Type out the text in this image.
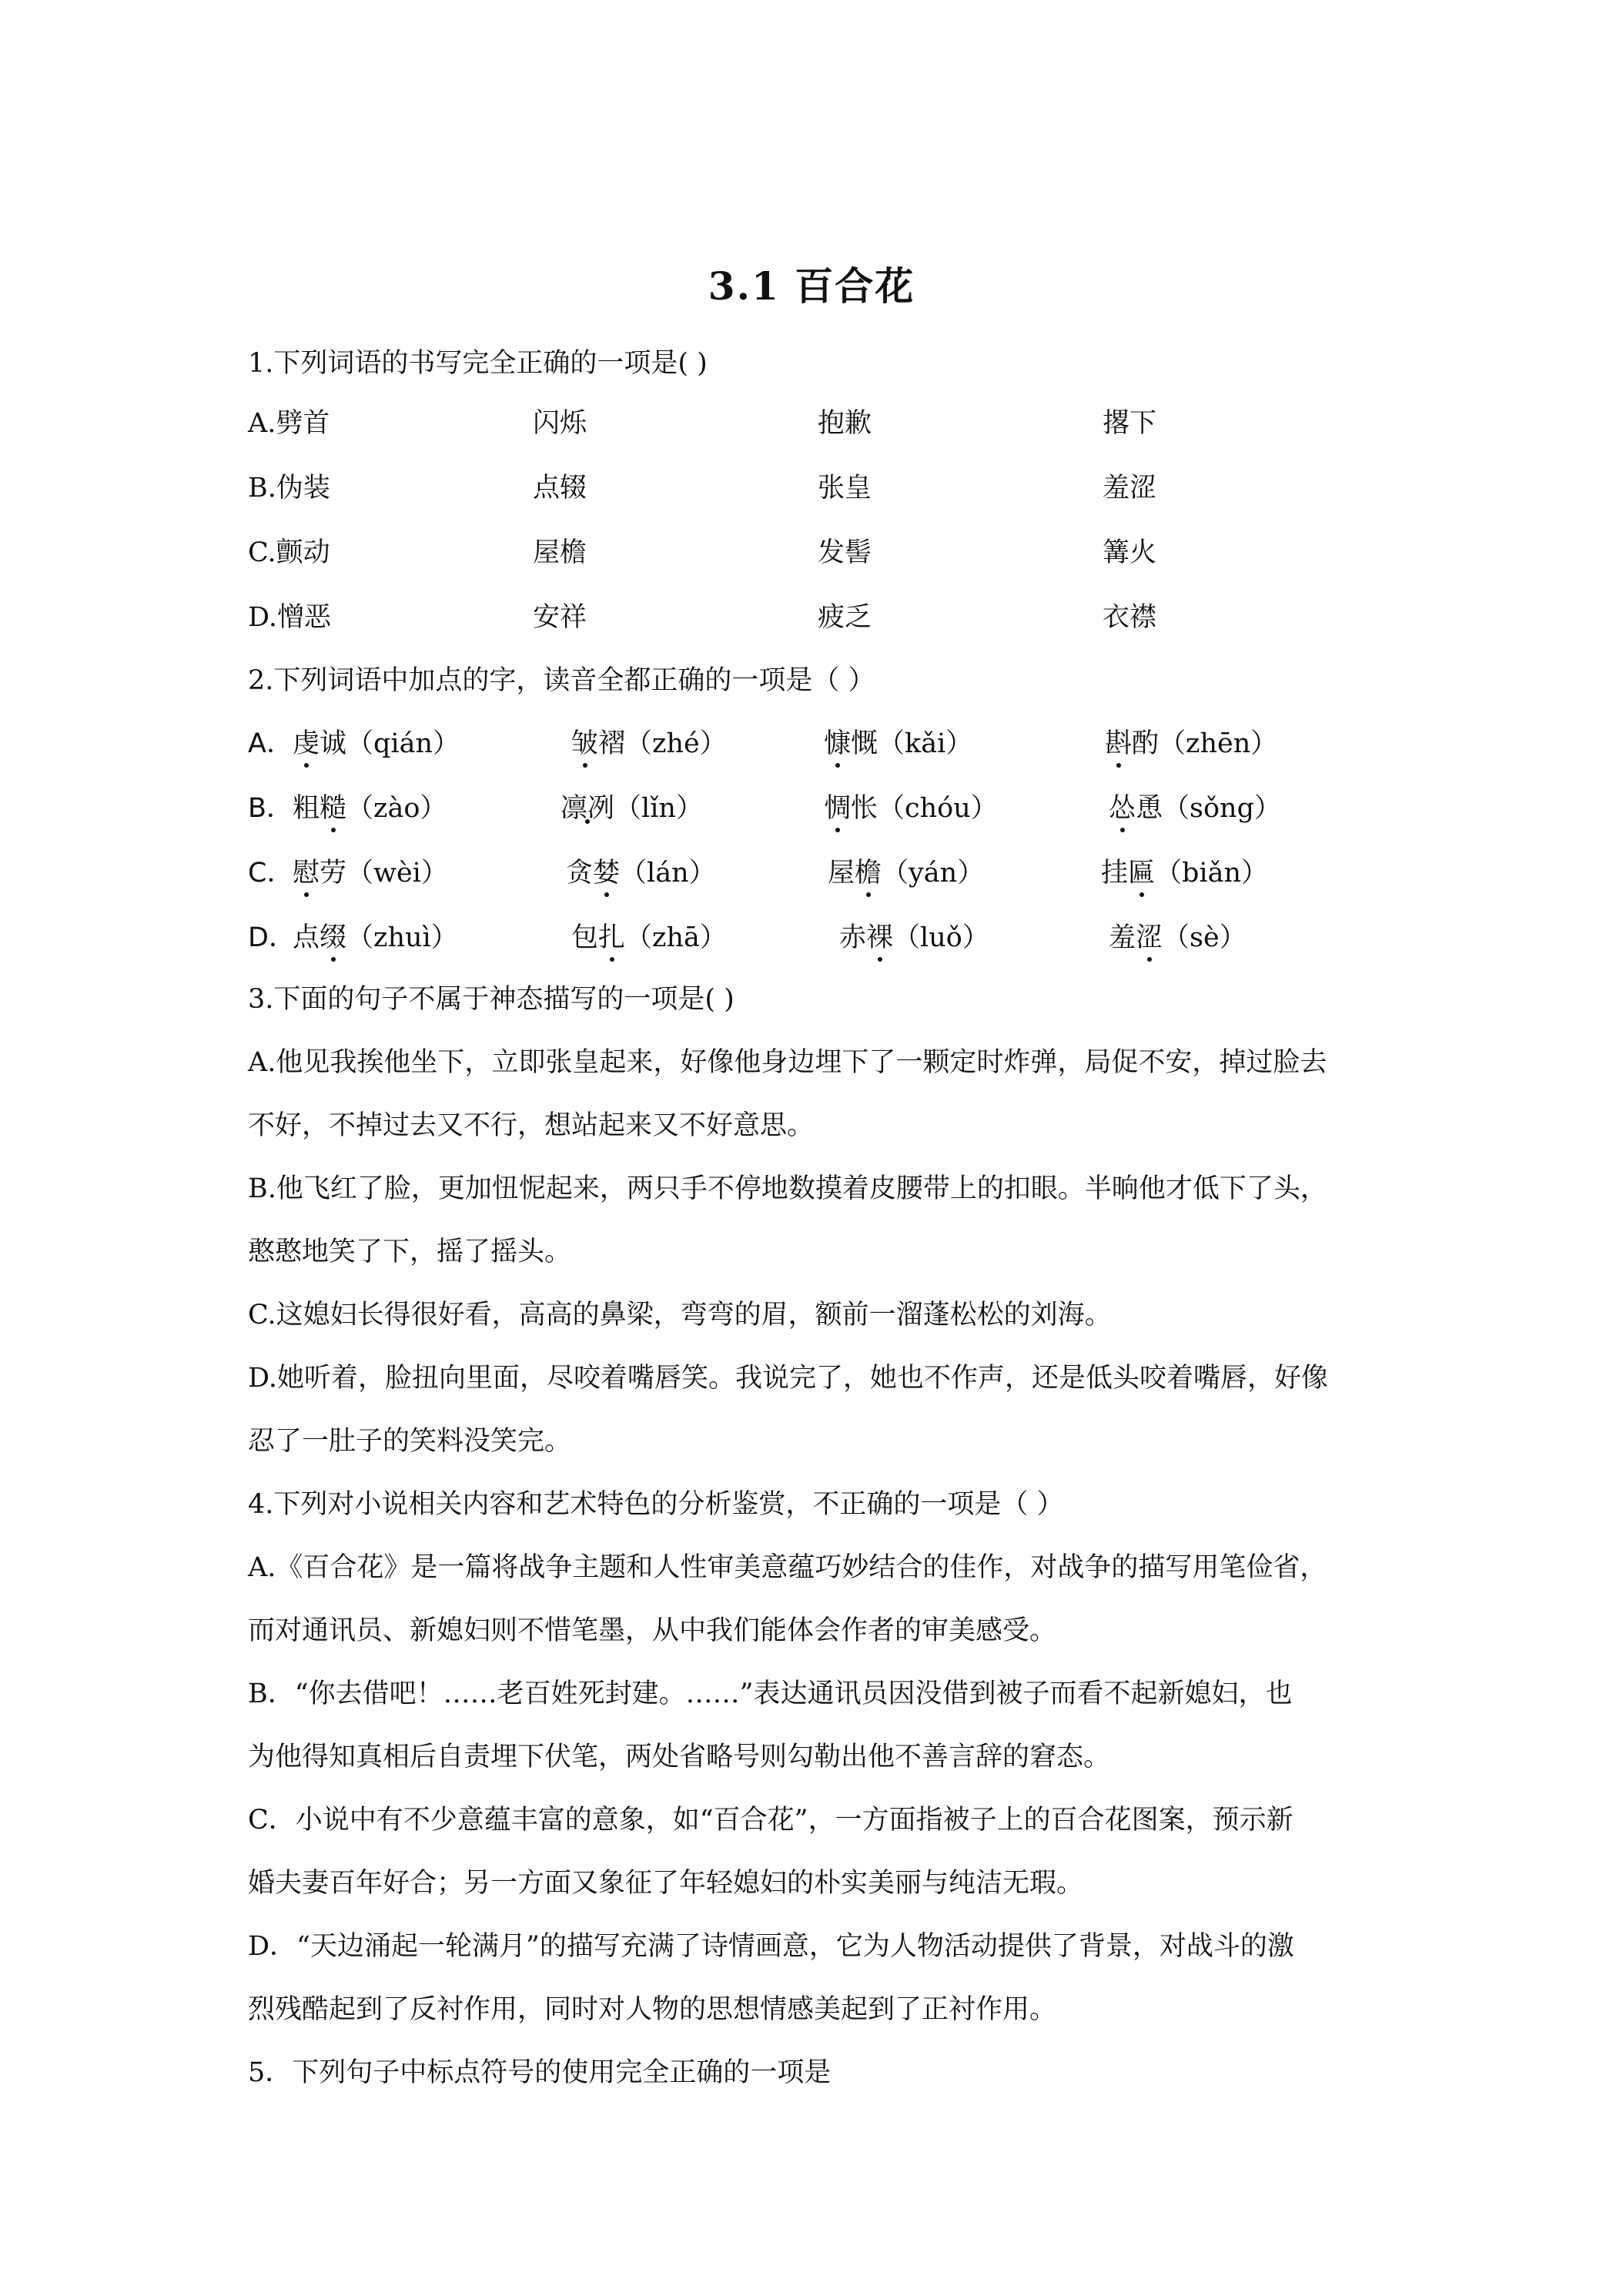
3.1 百合花
1.下列词语的书写完全正确的一项是( )
A.劈首	闪烁	抱歉	撂下
B.伪装	点辍	张皇	羞涩
C.颤动	屋檐	发髻	篝火
D.憎恶	安祥	疲乏	衣襟
2.下列词语中加点的字，读音全都正确的一项是（ ）
A． 虔诚（qián）	皱褶（zhé）	慷慨（kǎi）	斟酌（zhēn）
B．
粗糙（zào）	凛冽（lǐn）	惆怅（chóu）	怂恿（sǒng）
C．
慰劳（wèi）	贪婪（lán）	屋檐（yán）	挂匾（biǎn）
D．
点缀（zhuì）	包扎（zhā）	赤裸（luǒ）	羞涩（sè）
3.下面的句子不属于神态描写的一项是( )
A.他见我挨他坐下，立即张皇起来，好像他身边埋下了一颗定时炸弹，局促不安，掉过脸去
不好，不掉过去又不行，想站起来又不好意思。
B.他飞红了脸，更加忸怩起来，两只手不停地数摸着皮腰带上的扣眼。半晌他才低下了头，
憨憨地笑了下，摇了摇头。
C.这媳妇长得很好看，高高的鼻梁，弯弯的眉，额前一溜蓬松松的刘海。
D.她听着，脸扭向里面，尽咬着嘴唇笑。我说完了，她也不作声，还是低头咬着嘴唇，好像
忍了一肚子的笑料没笑完。
4.下列对小说相关内容和艺术特色的分析鉴赏，不正确的一项是（ ）
A.《百合花》是一篇将战争主题和人性审美意蕴巧妙结合的佳作，对战争的描写用笔俭省，
而对通讯员、新媳妇则不惜笔墨，从中我们能体会作者的审美感受。
B．“你去借吧！……老百姓死封建。……”表达通讯员因没借到被子而看不起新媳妇，也
为他得知真相后自责埋下伏笔，两处省略号则勾勒出他不善言辞的窘态。
C．小说中有不少意蕴丰富的意象，如“百合花”，一方面指被子上的百合花图案，预示新
婚夫妻百年好合；另一方面又象征了年轻媳妇的朴实美丽与纯洁无瑕。
D．“天边涌起一轮满月”的描写充满了诗情画意，它为人物活动提供了背景，对战斗的激
烈残酷起到了反衬作用，同时对人物的思想情感美起到了正衬作用。
5．下列句子中标点符号的使用完全正确的一项是
